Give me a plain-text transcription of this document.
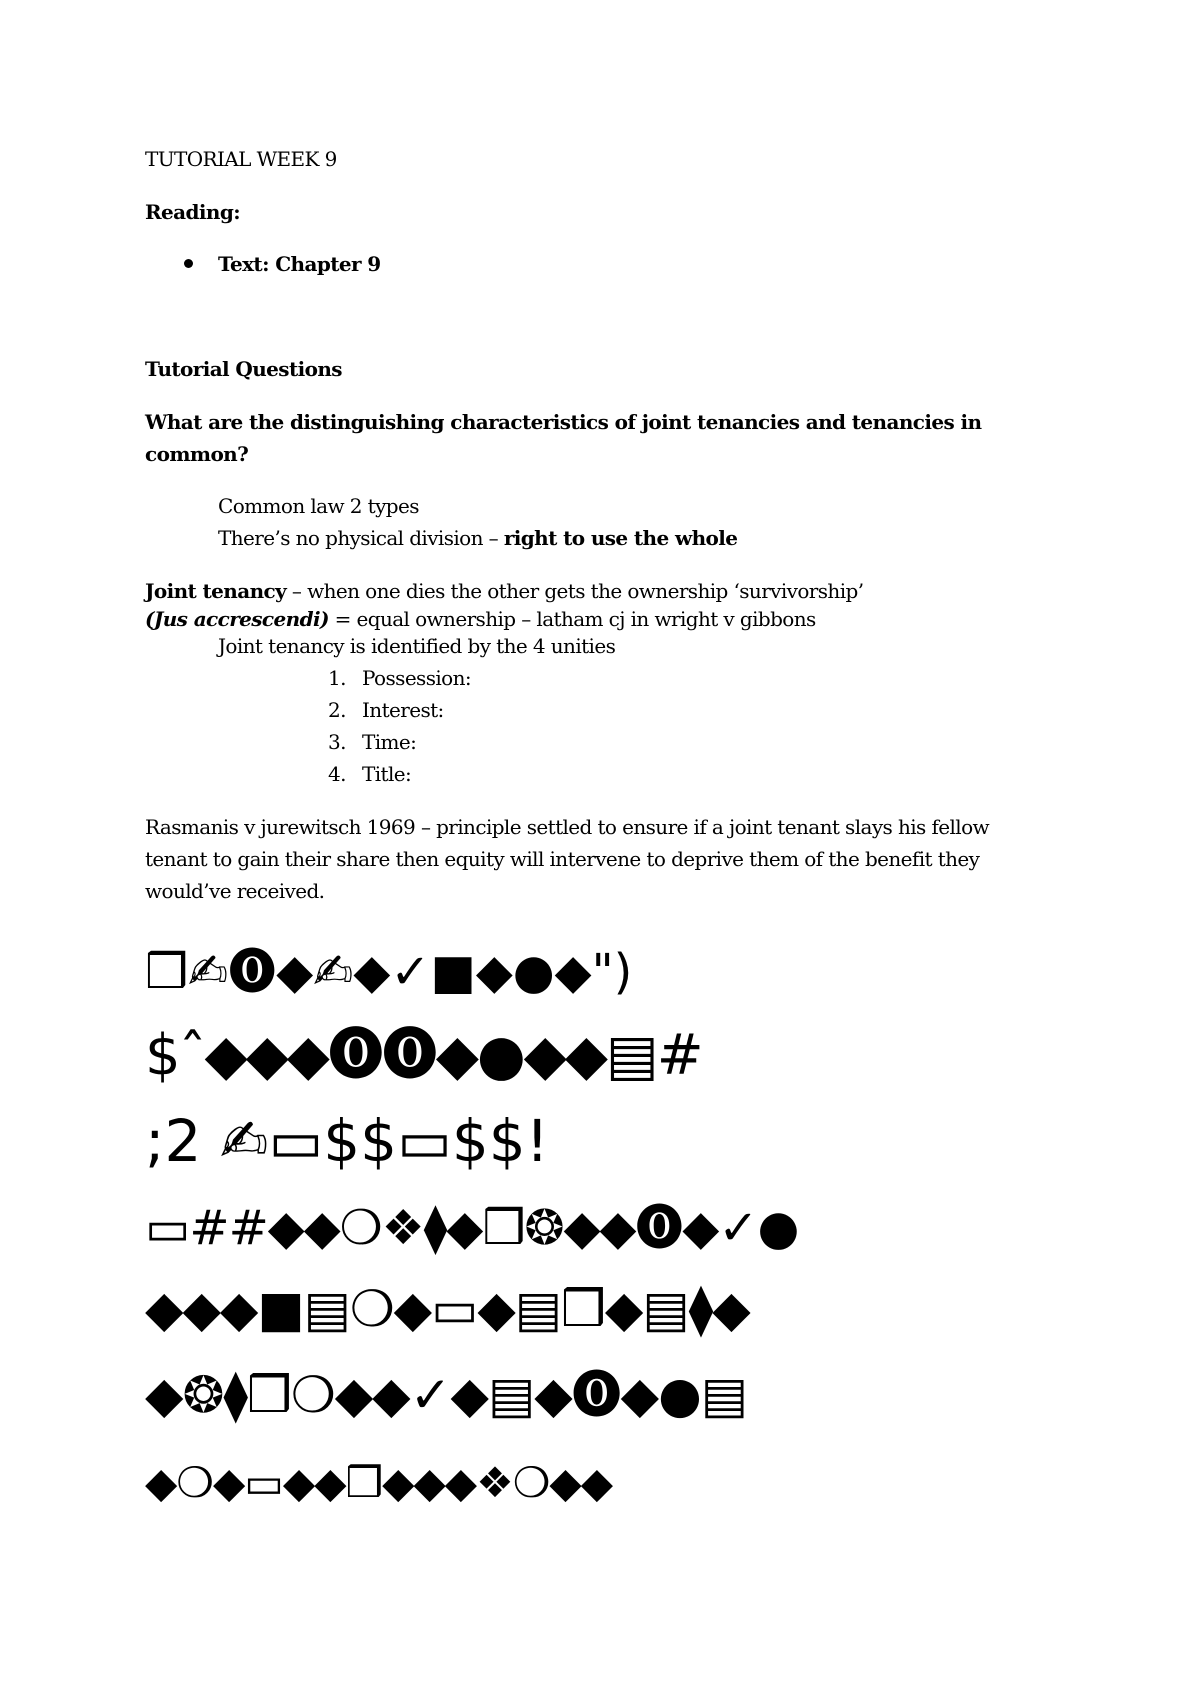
TUTORIAL WEEK 9
Reading:
Text: Chapter 9
Tutorial Questions
What are the distinguishing characteristics of joint tenancies and tenancies in
common?
Common law 2 types
There’s no physical division – right to use the whole
Joint tenancy – when one dies the other gets the ownership ‘survivorship’
(Jus accrescendi) = equal ownership – latham cj in wright v gibbons
Joint tenancy is identified by the 4 unities
1. Possession:
2. Interest:
3. Time:
4. Title:
Rasmanis v jurewitsch 1969 – principle settled to ensure if a joint tenant slays his fellow
tenant to gain their share then equity will intervene to deprive them of the benefit they
would’ve received.
❒✍⓿◆✍◆✓■◆●◆")
$ˆ◆◆◆⓿⓿◆●◆◆▤#
;2 ✍▭$$▭$$!
▭##◆◆❍❖⧫◆❒❂◆◆⓿◆✓●
◆◆◆■▤❍◆▭◆▤❒◆▤⧫◆
◆❂⧫❒❍◆◆✓◆▤◆⓿◆●▤
◆❍◆▭◆◆❒◆◆◆❖❍◆◆
